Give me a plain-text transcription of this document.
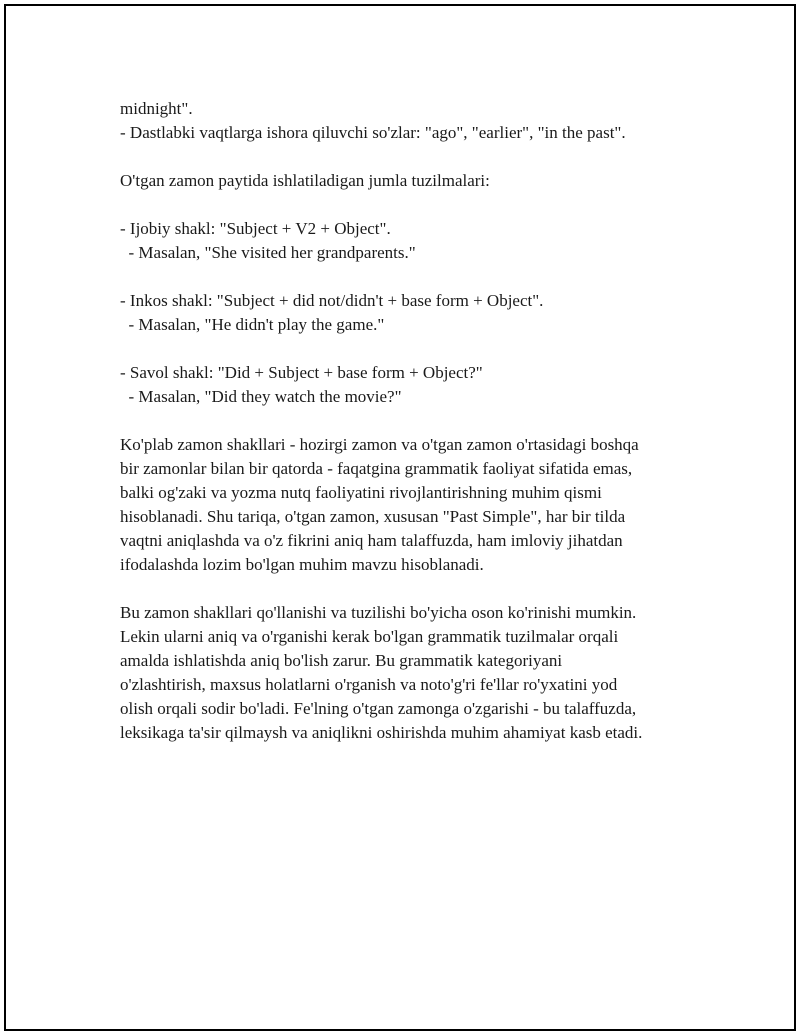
midnight".
- Dastlabki vaqtlarga ishora qiluvchi so'zlar: "ago", "earlier", "in the past".
O'tgan zamon paytida ishlatiladigan jumla tuzilmalari:
- Ijobiy shakl: "Subject + V2 + Object".
- Masalan, "She visited her grandparents."
- Inkos shakl: "Subject + did not/didn't + base form + Object".
- Masalan, "He didn't play the game."
- Savol shakl: "Did + Subject + base form + Object?"
- Masalan, "Did they watch the movie?"
Ko'plab zamon shakllari - hozirgi zamon va o'tgan zamon o'rtasidagi boshqa
bir zamonlar bilan bir qatorda - faqatgina grammatik faoliyat sifatida emas,
balki og'zaki va yozma nutq faoliyatini rivojlantirishning muhim qismi
hisoblanadi. Shu tariqa, o'tgan zamon, xususan "Past Simple", har bir tilda
vaqtni aniqlashda va o'z fikrini aniq ham talaffuzda, ham imloviy jihatdan
ifodalashda lozim bo'lgan muhim mavzu hisoblanadi.
Bu zamon shakllari qo'llanishi va tuzilishi bo'yicha oson ko'rinishi mumkin.
Lekin ularni aniq va o'rganishi kerak bo'lgan grammatik tuzilmalar orqali
amalda ishlatishda aniq bo'lish zarur. Bu grammatik kategoriyani
o'zlashtirish, maxsus holatlarni o'rganish va noto'g'ri fe'llar ro'yxatini yod
olish orqali sodir bo'ladi. Fe'lning o'tgan zamonga o'zgarishi - bu talaffuzda,
leksikaga ta'sir qilmaysh va aniqlikni oshirishda muhim ahamiyat kasb etadi.
